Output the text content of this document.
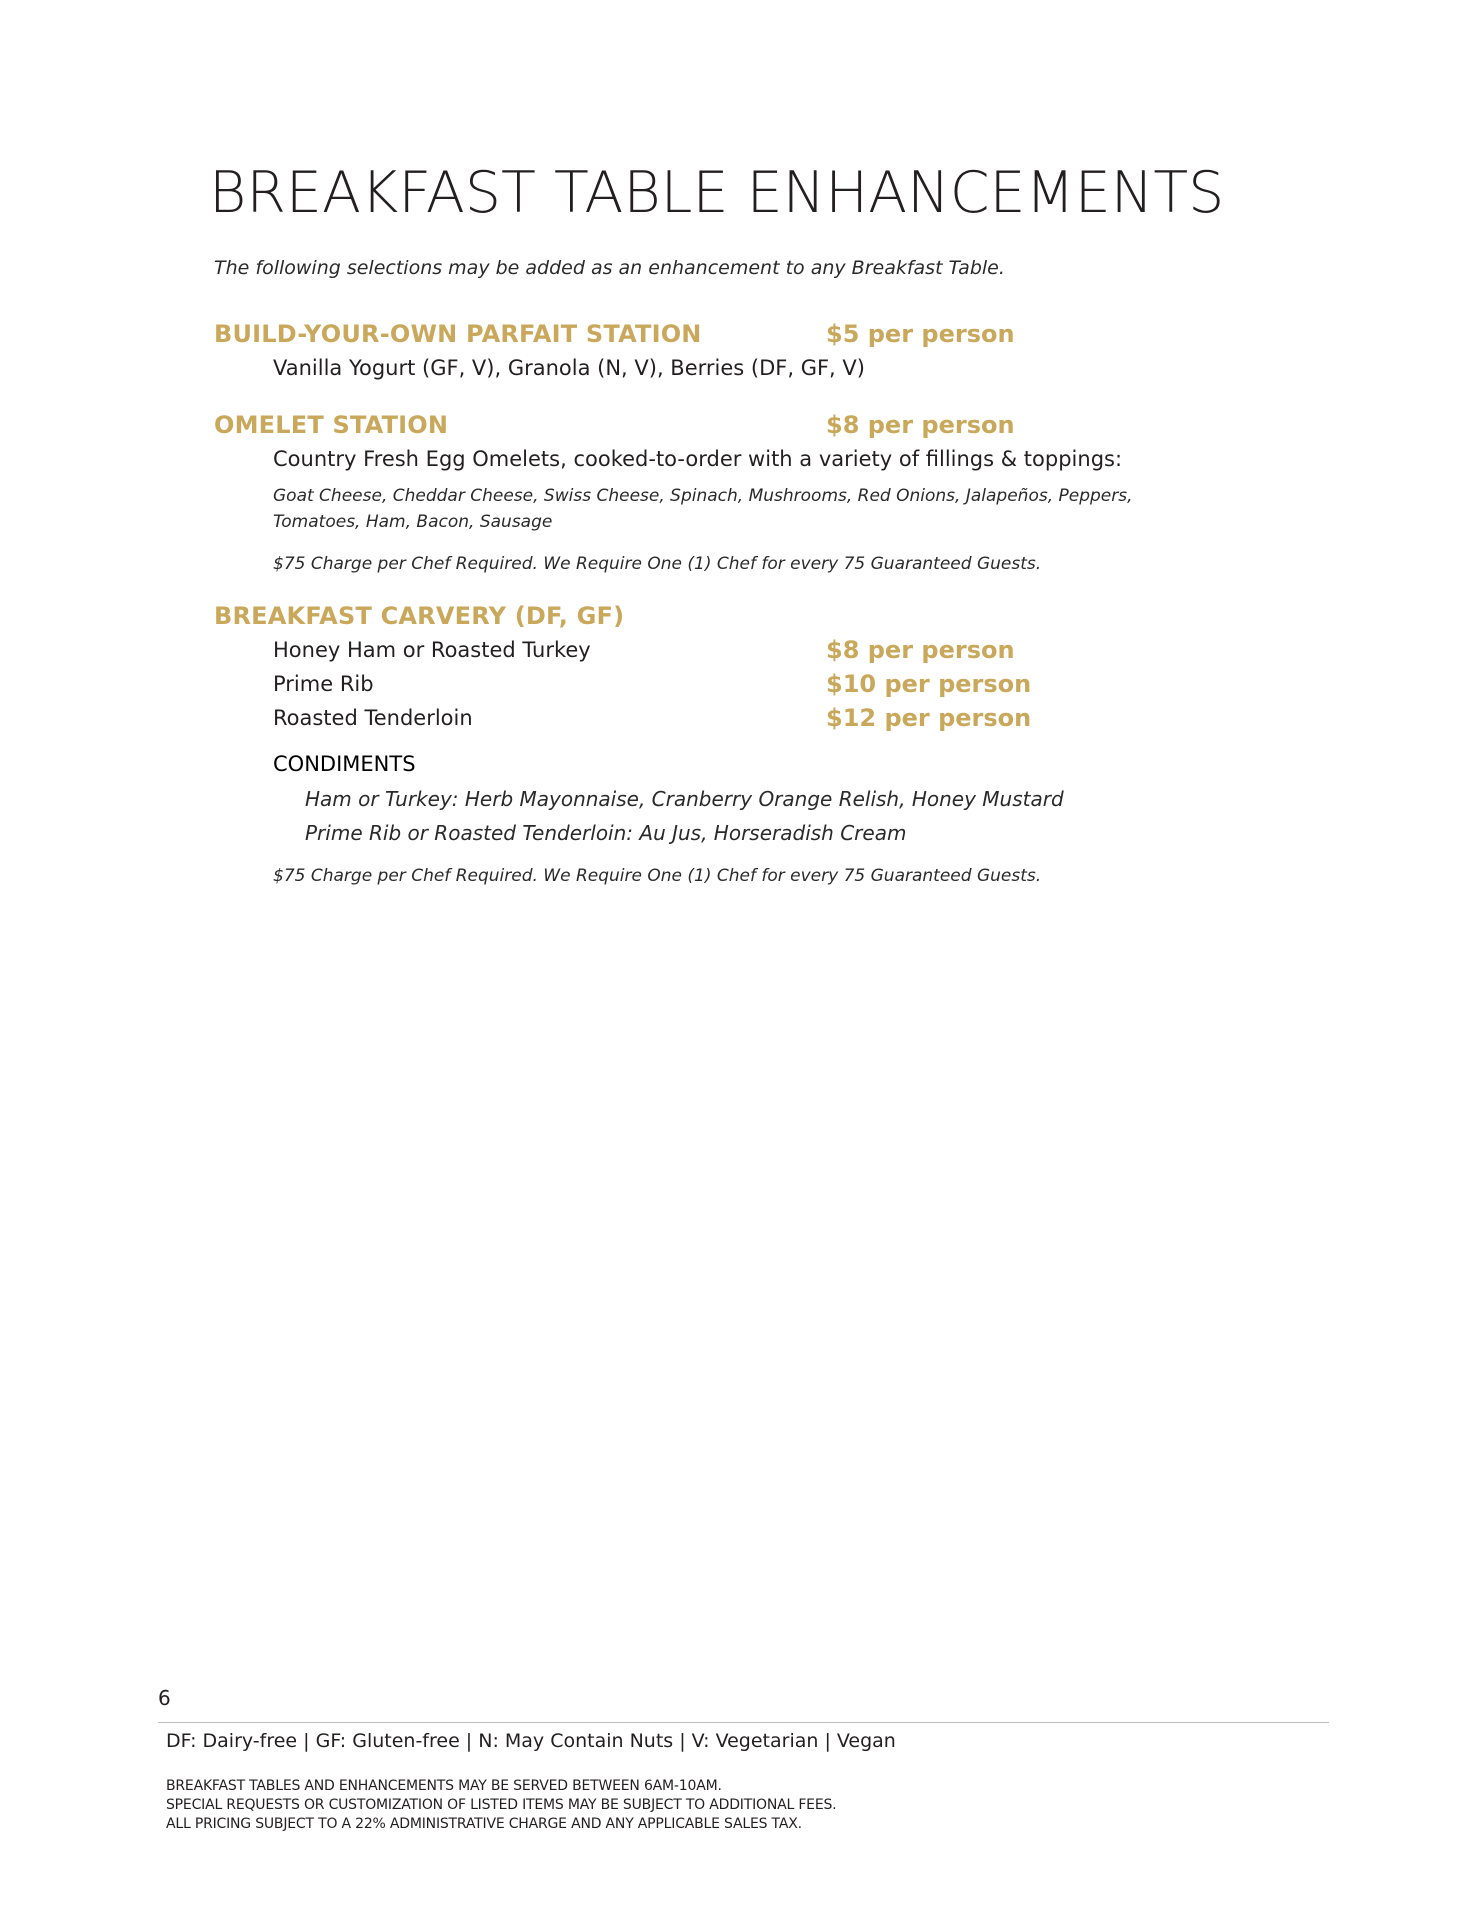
BREAKFAST TABLE ENHANCEMENTS
The following selections may be added as an enhancement to any Breakfast Table.
BUILD-YOUR-OWN PARFAIT STATION	$5 per person
Vanilla Yogurt (GF, V), Granola (N, V), Berries (DF, GF, V)
OMELET STATION	$8 per person
Country Fresh Egg Omelets, cooked-to-order with a variety of fillings & toppings:
Goat Cheese, Cheddar Cheese, Swiss Cheese, Spinach, Mushrooms, Red Onions, Jalapeños, Peppers,
Tomatoes, Ham, Bacon, Sausage
$75 Charge per Chef Required. We Require One (1) Chef for every 75 Guaranteed Guests.
BREAKFAST CARVERY (DF, GF)
Honey Ham or Roasted Turkey	$8 per person
Prime Rib	$10 per person
Roasted Tenderloin	$12 per person
CONDIMENTS
Ham or Turkey: Herb Mayonnaise, Cranberry Orange Relish, Honey Mustard
Prime Rib or Roasted Tenderloin: Au Jus, Horseradish Cream
$75 Charge per Chef Required. We Require One (1) Chef for every 75 Guaranteed Guests.
6
DF: Dairy-free | GF: Gluten-free | N: May Contain Nuts | V: Vegetarian | Vegan
BREAKFAST TABLES AND ENHANCEMENTS MAY BE SERVED BETWEEN 6AM-10AM.
SPECIAL REQUESTS OR CUSTOMIZATION OF LISTED ITEMS MAY BE SUBJECT TO ADDITIONAL FEES.
ALL PRICING SUBJECT TO A 22% ADMINISTRATIVE CHARGE AND ANY APPLICABLE SALES TAX.
